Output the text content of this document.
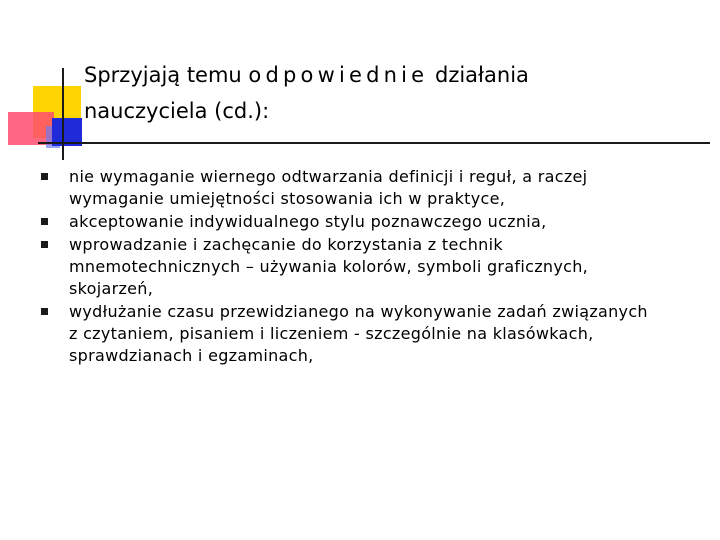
Sprzyjają temu odpowiednie działania
nauczyciela (cd.):
nie wymaganie wiernego odtwarzania definicji i reguł, a raczej wymaganie umiejętności stosowania ich w praktyce,
akceptowanie indywidualnego stylu poznawczego ucznia,
wprowadzanie i zachęcanie do korzystania z technik mnemotechnicznych – używania kolorów, symboli graficznych, skojarzeń,
wydłużanie czasu przewidzianego na wykonywanie zadań związanych z czytaniem, pisaniem i liczeniem - szczególnie na klasówkach, sprawdzianach i egzaminach,
